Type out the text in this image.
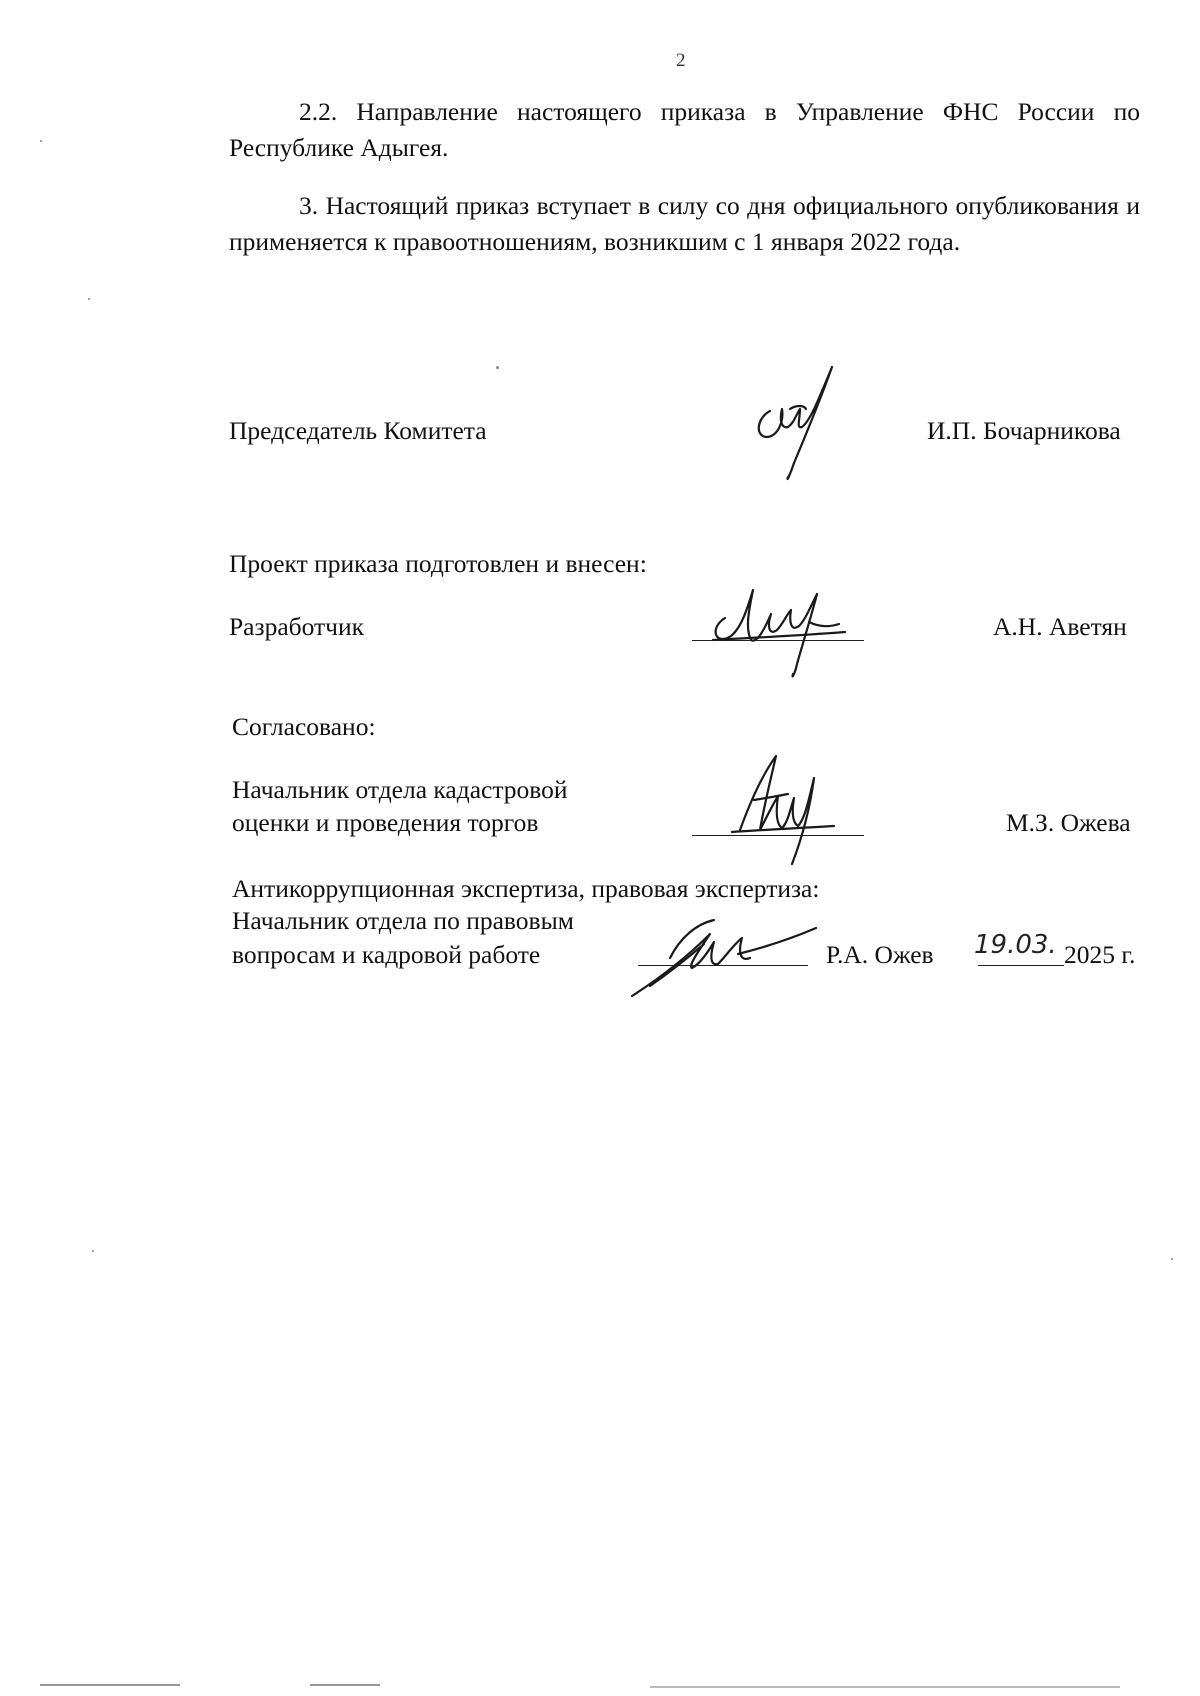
2
2.2. Направление настоящего приказа в Управление ФНС России по Республике Адыгея.
3. Настоящий приказ вступает в силу со дня официального опубликования и применяется к правоотношениям, возникшим с 1 января 2022 года.
Председатель Комитета	И.П. Бочарникова
Проект приказа подготовлен и внесен:
Разработчик	А.Н. Аветян
Согласовано:
Начальник отдела кадастровой
оценки и проведения торгов	М.З. Ожева
Антикоррупционная экспертиза, правовая экспертиза:
Начальник отдела по правовым
вопросам и кадровой работе	Р.А. Ожев 19.03. 2025 г.
